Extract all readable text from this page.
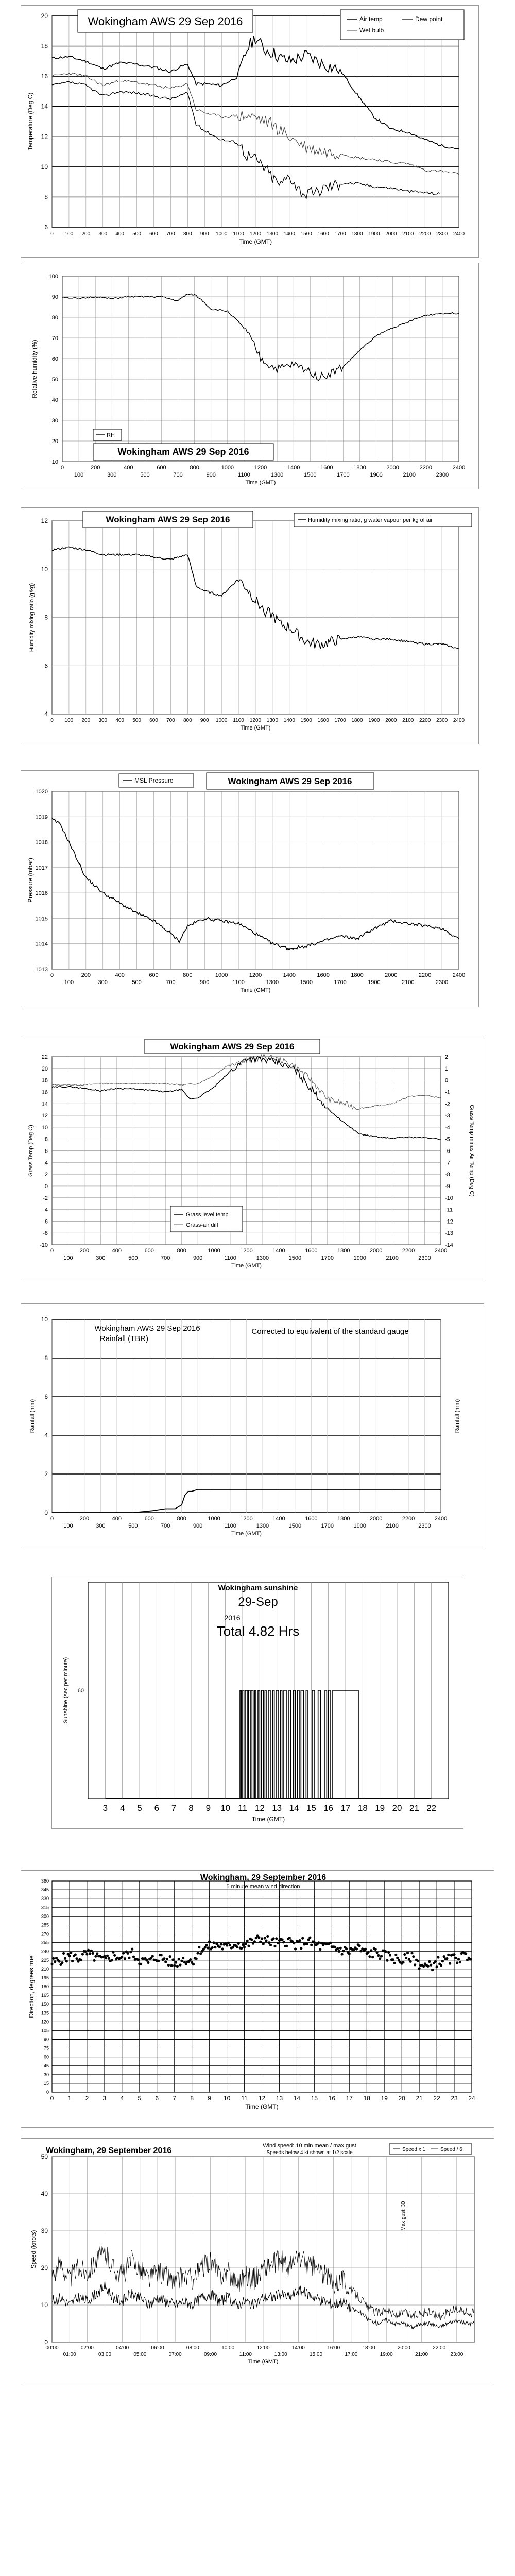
6
8
10
12
14
16
18
20
0 100 200 300 400 500 600 700 800 900 1000 1100 1200 1300 1400 1500 1600 1700 1800 1900 2000 2100 2200 2300 2400
Time (GMT)
Temperature (Deg C)
Wokingham AWS 29 Sep 2016	Air temp	Dew point
Wet bulb
10
20
30
40
50
60
70
80
90
100
0	200	400	600	800	1000	1200	1400	1600	1800	2000	2200	2400
100	300	500	700	900	1100	1300	1500	1700	1900	2100	2300
Time (GMT)
Relative humidity (%)
RH
Wokingham AWS 29 Sep 2016
4
6
8
10
12
0 100 200 300 400 500 600 700 800 900 1000 1100 1200 1300 1400 1500 1600 1700 1800 1900 2000 2100 2200 2300 2400
Time (GMT)
Humidity mixing ratio (g/kg)
Wokingham AWS 29 Sep 2016	Humidity mixing ratio, g water vapour per kg of air
1013
1014
1015
1016
1017
1018
1019
1020
0	200	400	600	800	1000	1200	1400	1600	1800	2000	2200	2400
100	300	500	700	900	1100	1300	1500	1700	1900	2100	2300
Time (GMT)
Pressure (mbar)
MSL Pressure	Wokingham AWS 29 Sep 2016
-10
-8
-6
-4
-2
0
2
4
6
8
10
12
14
16
18
20
22
-14
-13
-12
-11
-10
-9
-8
-7
-6
-5
-4
-3
-2
-1
0
1
2
0	200	400	600	800	1000	1200	1400	1600	1800	2000	2200	2400
100	300	500	700	900	1100	1300	1500	1700	1900	2100	2300
Time (GMT)
Grass Temp (Deg C)	Grass Temp minus Air Temp (Deg C)
Wokingham AWS 29 Sep 2016
Grass level temp
Grass-air diff
0
2
4
6
8
10
0	200	400	600	800	1000	1200	1400	1600	1800	2000	2200	2400
100	300	500	700	900	1100	1300	1500	1700	1900	2100	2300
Time (GMT)
Rainfall (mm)	Rainfall (mm)
Wokingham AWS 29 Sep 2016
Rainfall (TBR)
Corrected to equivalent of the standard gauge
60
3 4 5 6 7 8 9 10 11 12 13 14 15 16 17 18 19 20 21 22
Time (GMT)
Sunshine (sec per minute)
Wokingham sunshine
29-Sep
2016
Total 4.82 Hrs
0
15
30
45
60
75
90
105
120
135
150
165
180
195
210
225
240
255
270
285
300
315
330
345
360
0 1 2 3 4 5 6 7 8 9 10 11 12 13 14 15 16 17 18 19 20 21 22 23 24
Time (GMT)
Direction, degrees true
Wokingham, 29 September 2016
5 minute mean wind direction
0
10
20
30
40
50
00:00	02:00	04:00	06:00	08:00	10:00	12:00	14:00	16:00	18:00	20:00	22:00
01:00	03:00	05:00	07:00	09:00	11:00	13:00	15:00	17:00	19:00	21:00	23:00
Time (GMT)
Speed (knots)
Wokingham, 29 September 2016
Wind speed: 10 min mean / max gust
Speeds below 4 kt shown at 1/2 scale
Max gust: 30
Speed x 1	Speed / 6
